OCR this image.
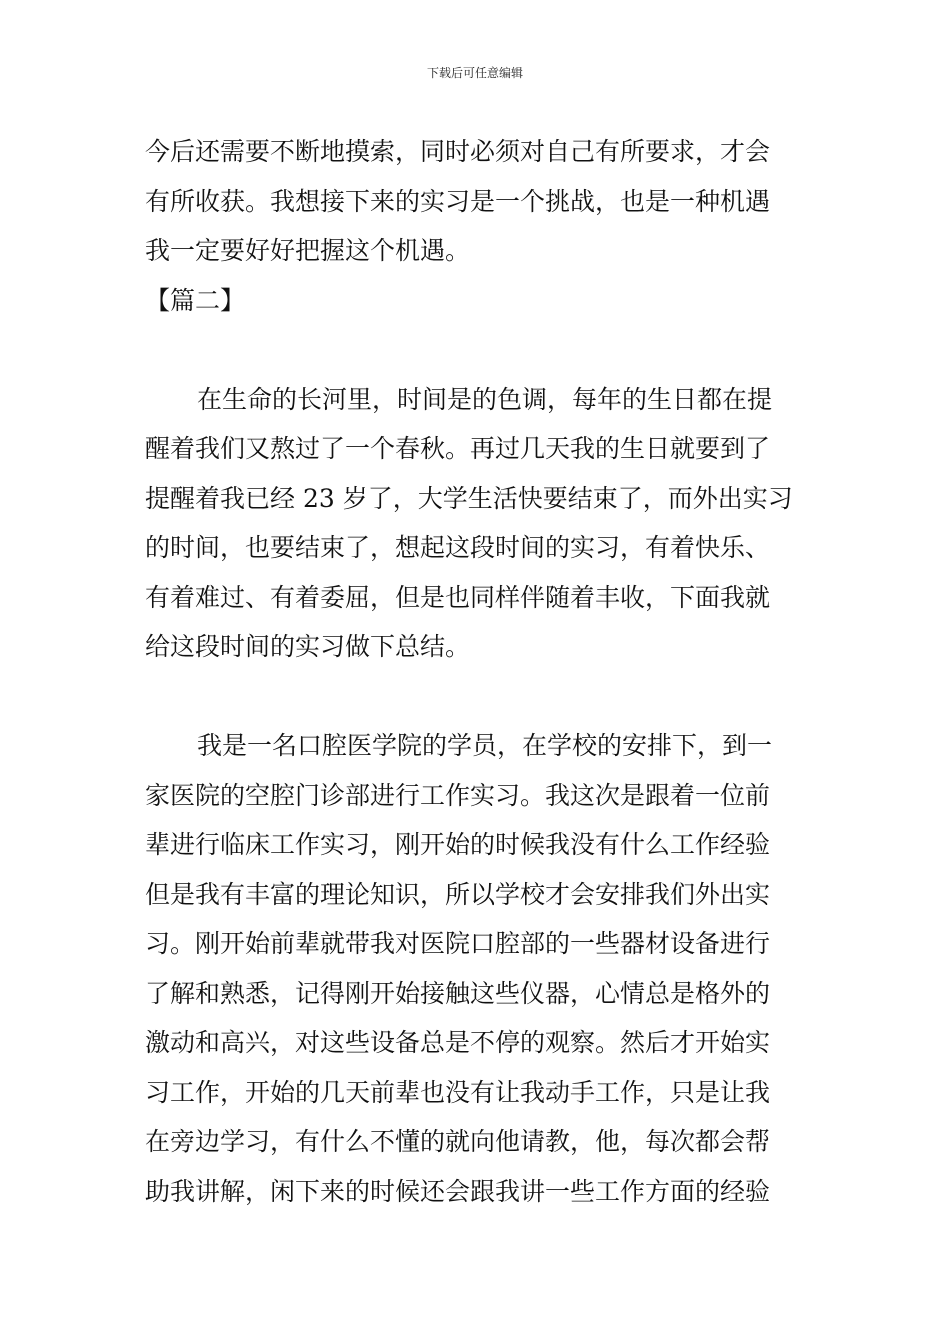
下载后可任意编辑
今后还需要不断地摸索，同时必须对自己有所要求，才会
有所收获。我想接下来的实习是一个挑战，也是一种机遇
我一定要好好把握这个机遇。
【篇二】
在生命的长河里，时间是的色调，每年的生日都在提
醒着我们又熬过了一个春秋。再过几天我的生日就要到了
提醒着我已经 23 岁了，大学生活快要结束了，而外出实习
的时间，也要结束了，想起这段时间的实习，有着快乐、
有着难过、有着委屈，但是也同样伴随着丰收，下面我就
给这段时间的实习做下总结。
我是一名口腔医学院的学员，在学校的安排下，到一
家医院的空腔门诊部进行工作实习。我这次是跟着一位前
辈进行临床工作实习，刚开始的时候我没有什么工作经验
但是我有丰富的理论知识，所以学校才会安排我们外出实
习。刚开始前辈就带我对医院口腔部的一些器材设备进行
了解和熟悉，记得刚开始接触这些仪器，心情总是格外的
激动和高兴，对这些设备总是不停的观察。然后才开始实
习工作，开始的几天前辈也没有让我动手工作，只是让我
在旁边学习，有什么不懂的就向他请教，他，每次都会帮
助我讲解，闲下来的时候还会跟我讲一些工作方面的经验
